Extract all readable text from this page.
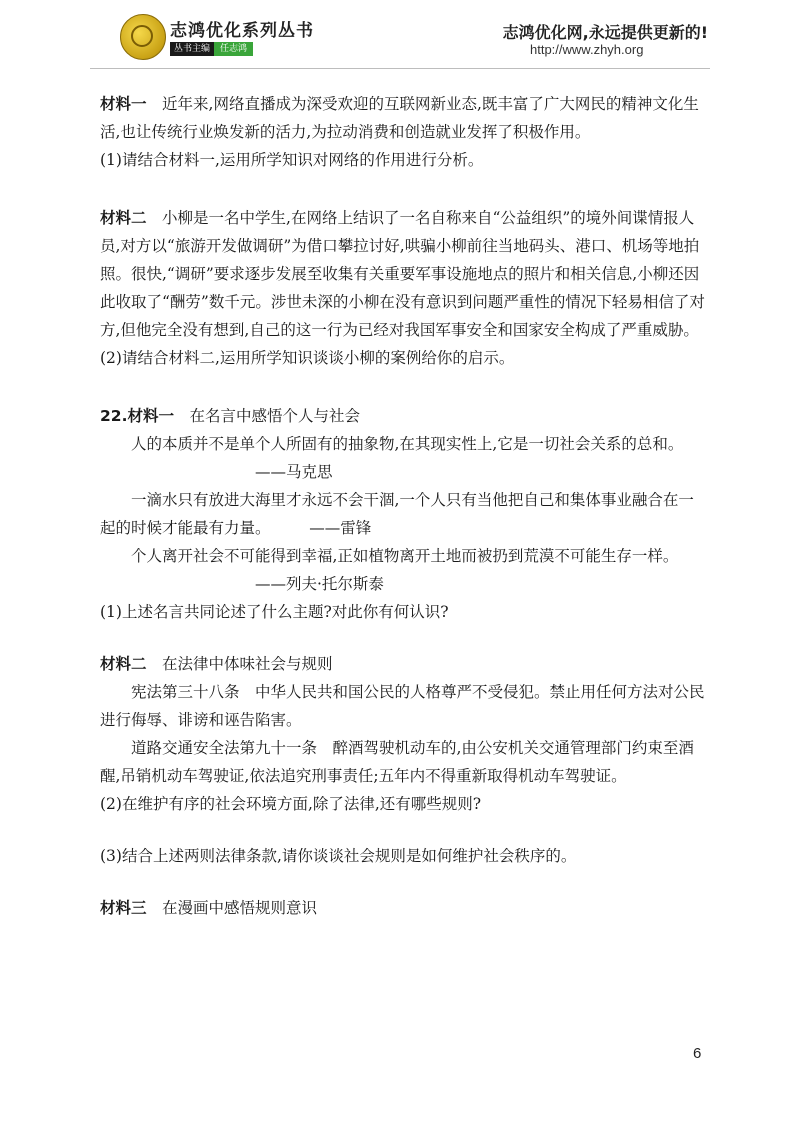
志鸿优化系列丛书
丛书主编	任志鸿
志鸿优化网,永远提供更新的!
http://www.zhyh.org

材料一　 近年来,网络直播成为深受欢迎的互联网新业态,既丰富了广大网民的精神文化生活,也让传统行业焕发新的活力,为拉动消费和创造就业发挥了积极作用。

(1)请结合材料一,运用所学知识对网络的作用进行分析。

材料二　 小柳是一名中学生,在网络上结识了一名自称来自“公益组织”的境外间谍情报人员,对方以“旅游开发做调研”为借口攀拉讨好,哄骗小柳前往当地码头、港口、机场等地拍照。很快,“调研”要求逐步发展至收集有关重要军事设施地点的照片和相关信息,小柳还因此收取了“酬劳”数千元。涉世未深的小柳在没有意识到问题严重性的情况下轻易相信了对方,但他完全没有想到,自己的这一行为已经对我国军事安全和国家安全构成了严重威胁。

(2)请结合材料二,运用所学知识谈谈小柳的案例给你的启示。

22.材料一　 在名言中感悟个人与社会

人的本质并不是单个人所固有的抽象物,在其现实性上,它是一切社会关系的总和。

——马克思

一滴水只有放进大海里才永远不会干涸,一个人只有当他把自己和集体事业融合在一起的时候才能最有力量。　　　	——雷锋

个人离开社会不可能得到幸福,正如植物离开土地而被扔到荒漠不可能生存一样。

——列夫·托尔斯泰

(1)上述名言共同论述了什么主题?对此你有何认识?

材料二　 在法律中体味社会与规则

宪法第三十八条　中华人民共和国公民的人格尊严不受侵犯。禁止用任何方法对公民进行侮辱、诽谤和诬告陷害。

道路交通安全法第九十一条　醉酒驾驶机动车的,由公安机关交通管理部门约束至酒醒,吊销机动车驾驶证,依法追究刑事责任;五年内不得重新取得机动车驾驶证。

(2)在维护有序的社会环境方面,除了法律,还有哪些规则?

(3)结合上述两则法律条款,请你谈谈社会规则是如何维护社会秩序的。

材料三　 在漫画中感悟规则意识

6
